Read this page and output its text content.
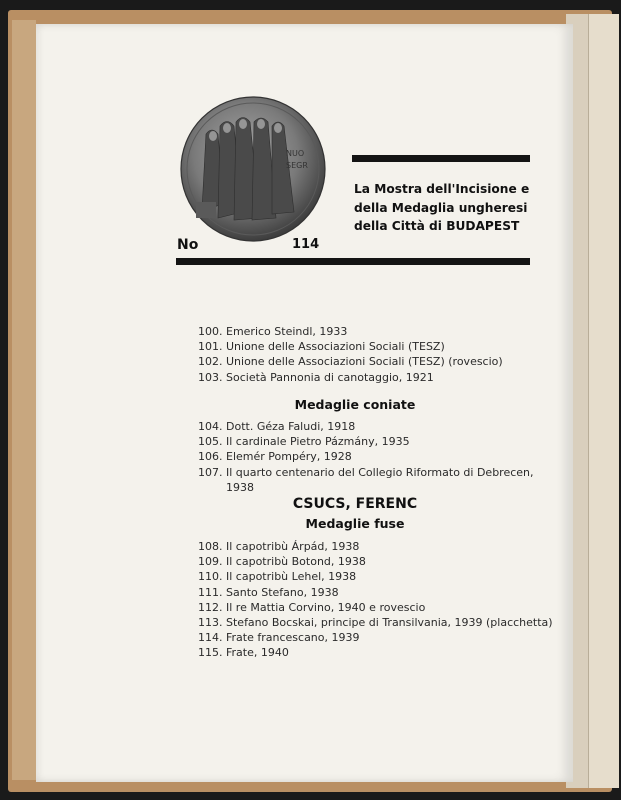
NUO
SEGR
No	114
La Mostra dell'Incisione e
della Medaglia ungheresi
della Città di BUDAPEST
100. Emerico Steindl, 1933
101. Unione delle Associazioni Sociali (TESZ)
102. Unione delle Associazioni Sociali (TESZ) (rovescio)
103. Società Pannonia di canotaggio, 1921
Medaglie coniate
104. Dott. Géza Faludi, 1918
105. Il cardinale Pietro Pázmány, 1935
106. Elemér Pompéry, 1928
107. Il quarto centenario del Collegio Riformato di Debrecen,
1938
CSUCS, FERENC
Medaglie fuse
108. Il capotribù Árpád, 1938
109. Il capotribù Botond, 1938
110. Il capotribù Lehel, 1938
111. Santo Stefano, 1938
112. Il re Mattia Corvino, 1940 e rovescio
113. Stefano Bocskai, principe di Transilvania, 1939 (placchetta)
114. Frate francescano, 1939
115. Frate, 1940
